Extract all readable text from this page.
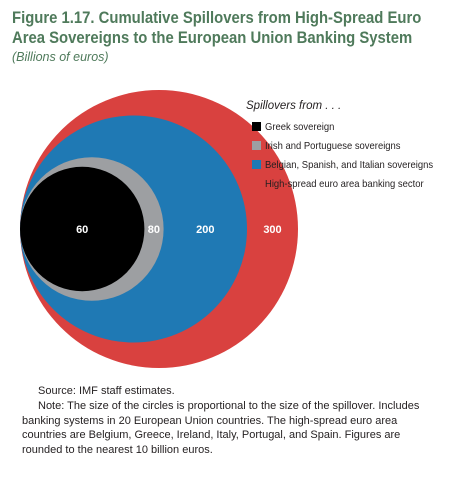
Figure 1.17. Cumulative Spillovers from High-Spread Euro
Area Sovereigns to the European Union Banking System
(Billions of euros)
60	80	200	300
Spillovers from . . .
Greek sovereign
Irish and Portuguese sovereigns
Belgian, Spanish, and Italian sovereigns
High-spread euro area banking sector

Source: IMF staff estimates.

Note: The size of the circles is proportional to the size of the spillover. Includes banking systems in 20 European Union countries. The high-spread euro area countries are Belgium, Greece, Ireland, Italy, Portugal, and Spain. Figures are rounded to the nearest 10 billion euros.
